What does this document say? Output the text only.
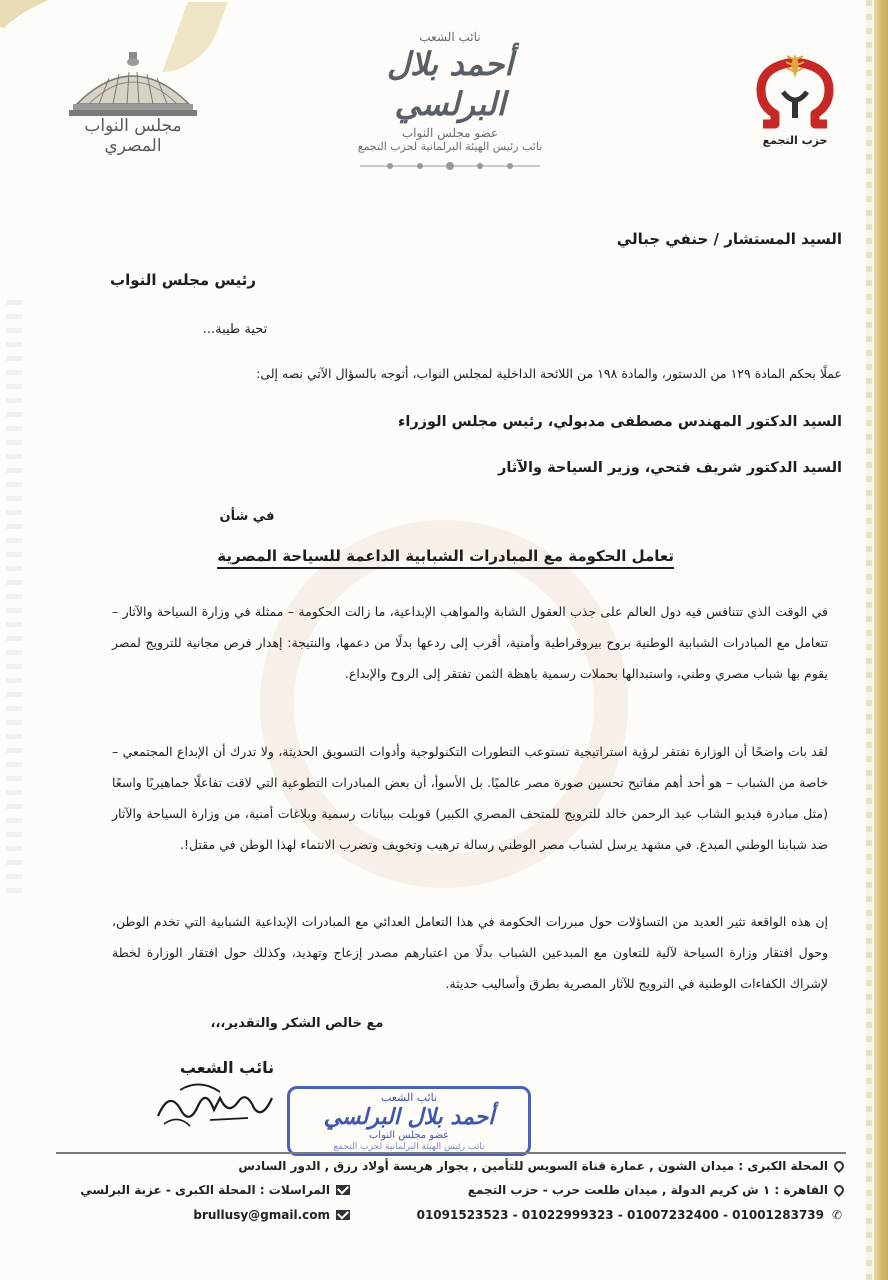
مجلس النواب المصري
نائب الشعب
أحمد بلال البرلسي
عضو مجلس النواب
نائب رئيس الهيئة البرلمانية لحزب التجمع	حزب التجمع
السيد المستشار / حنفي جبالي
رئيس مجلس النواب
تحية طيبة...
عملًا بحكم المادة ١٢٩ من الدستور، والمادة ١٩٨ من اللائحة الداخلية لمجلس النواب، أتوجه بالسؤال الآتي نصه إلى:
السيد الدكتور المهندس مصطفى مدبولي، رئيس مجلس الوزراء
السيد الدكتور شريف فتحي، وزير السياحة والآثار
في شأن
تعامل الحكومة مع المبادرات الشبابية الداعمة للسياحة المصرية
في الوقت الذي تتنافس فيه دول العالم على جذب العقول الشابة والمواهب الإبداعية، ما زالت الحكومة – ممثلة في وزارة السياحة والآثار – تتعامل مع المبادرات الشبابية الوطنية بروح بيروقراطية وأمنية، أقرب إلى ردعها بدلًا من دعمها، والنتيجة: إهدار فرص مجانية للترويج لمصر يقوم بها شباب مصري وطني، واستبدالها بحملات رسمية باهظة الثمن تفتقر إلى الروح والإبداع.
لقد بات واضحًا أن الوزارة تفتقر لرؤية استراتيجية تستوعب التطورات التكنولوجية وأدوات التسويق الحديثة، ولا تدرك أن الإبداع المجتمعي – خاصة من الشباب – هو أحد أهم مفاتيح تحسين صورة مصر عالميًا. بل الأسوأ، أن بعض المبادرات التطوعية التي لاقت تفاعلًا جماهيريًا واسعًا (مثل مبادرة فيديو الشاب عبد الرحمن خالد للترويج للمتحف المصري الكبير) قوبلت ببيانات رسمية وبلاغات أمنية، من وزارة السياحة والآثار ضد شبابنا الوطني المبدع. في مشهد يرسل لشباب مصر الوطني رسالة ترهيب وتخويف وتضرب الانتماء لهذا الوطن في مقتل!.
إن هذه الواقعة تثير العديد من التساؤلات حول مبررات الحكومة في هذا التعامل العدائي مع المبادرات الإبداعية الشبابية التي تخدم الوطن، وحول افتقار وزارة السياحة لآلية للتعاون مع المبدعين الشباب بدلًا من اعتبارهم مصدر إزعاج وتهديد، وكذلك حول افتقار الوزارة لخطة لإشراك الكفاءات الوطنية في الترويج للآثار المصرية بطرق وأساليب حديثة.
مع خالص الشكر والتقدير،،،
نائب الشعب
نائب الشعب
أحمد بلال البرلسي
عضو مجلس النواب
نائب رئيس الهيئة البرلمانية لحزب التجمع
المحلة الكبرى : ميدان الشون , عمارة قناة السويس للتأمين , بجوار هريسة أولاد رزق , الدور السادس
القاهرة : ١ ش كريم الدولة , ميدان طلعت حرب - حزب التجمع
المراسلات : المحلة الكبرى - عزبة البرلسي
01091523523 - 01022999323 - 01007232400 - 01001283739 ✆
brullusy@gmail.com
